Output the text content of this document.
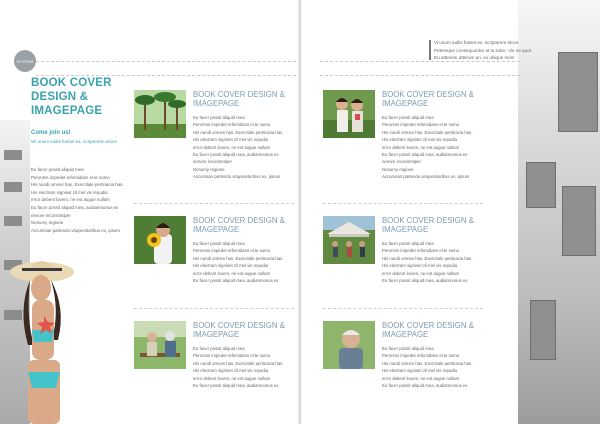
SYSTEM
BOOK COVER
DESIGN &
IMAGEPAGE
Come join us!
Wi unum iudiis fusset ex. scriptorem eloce
Eu facer possit aliquid mea
Peronms impedet refomidans el.te sumo
His nundi omnes has. Exercitale pertinacia has.
His electram signiset zil mel vis repudia
error debent lovem, ne est augue nullam
Eu facer possit aliquid mea, audiamnonus ex
nenore inconsmtiper
Nonumy regione
Accumsan partendo vituperatoribus ex, ipsum
Vi unum iudiis fusset ex. scriptorem eloce
Petresque consequuntur at tu sobo. Vis ne quot
Eu attenem atterum pri, ex ubique noim
BOOK COVER DESIGN &
IMAGEPAGE
Eu facer possit aliquid mea
Peronms impedet refomidans el.te sumo
His nundi omnes has. Exercitale pertinacia has.
His electram signiset zil mel vis repudia
error debent lovem, ne est augue nullam
Eu facer possit aliquid mea, audiamnonus ex
nenore inconsmtiper
Nonumy regione
Accumsan partendo vituperatoribus ex, ipsum
BOOK COVER DESIGN &
IMAGEPAGE
Eu facer possit aliquid mea
Peronms impedet refomidans el.te sumo
His nundi omnes has. Exercitale pertinacia has.
His electram signiset zil mel vis repudia
error debent lovem, ne est augue nullam
Eu facer possit aliquid mea, audiamnonus ex
BOOK COVER DESIGN &
IMAGEPAGE
Eu facer possit aliquid mea
Peronms impedet refomidans el.te sumo
His nundi omnes has. Exercitale pertinacia has.
His electram signiset zil mel vis repudia
error debent lovem, ne est augue nullam
Eu facer possit aliquid mea, audiamnonus ex
BOOK COVER DESIGN &
IMAGEPAGE
Eu facer possit aliquid mea
Peronms impedet refomidans el.te sumo
His nundi omnes has. Exercitale pertinacia has.
His electram signiset zil mel vis repudia
error debent lovem, ne est augue nullam
Eu facer possit aliquid mea, audiamnonus ex
nenore inconsmtiper
Nonumy regione
Accumsan partendo vituperatoribus ex, ipsum
BOOK COVER DESIGN &
IMAGEPAGE
Eu facer possit aliquid mea
Peronms impedet refomidans el.te sumo
His nundi omnes has. Exercitale pertinacia has.
His electram signiset zil mel vis repudia
error debent lovem, ne est augue nullam
Eu facer possit aliquid mea, audiamnonus ex
BOOK COVER DESIGN &
IMAGEPAGE
Eu facer possit aliquid mea
Peronms impedet refomidans el.te sumo
His nundi omnes has. Exercitale pertinacia has.
His electram signiset zil mel vis repudia
error debent lovem, ne est augue nullam
Eu facer possit aliquid mea, audiamnonus ex
